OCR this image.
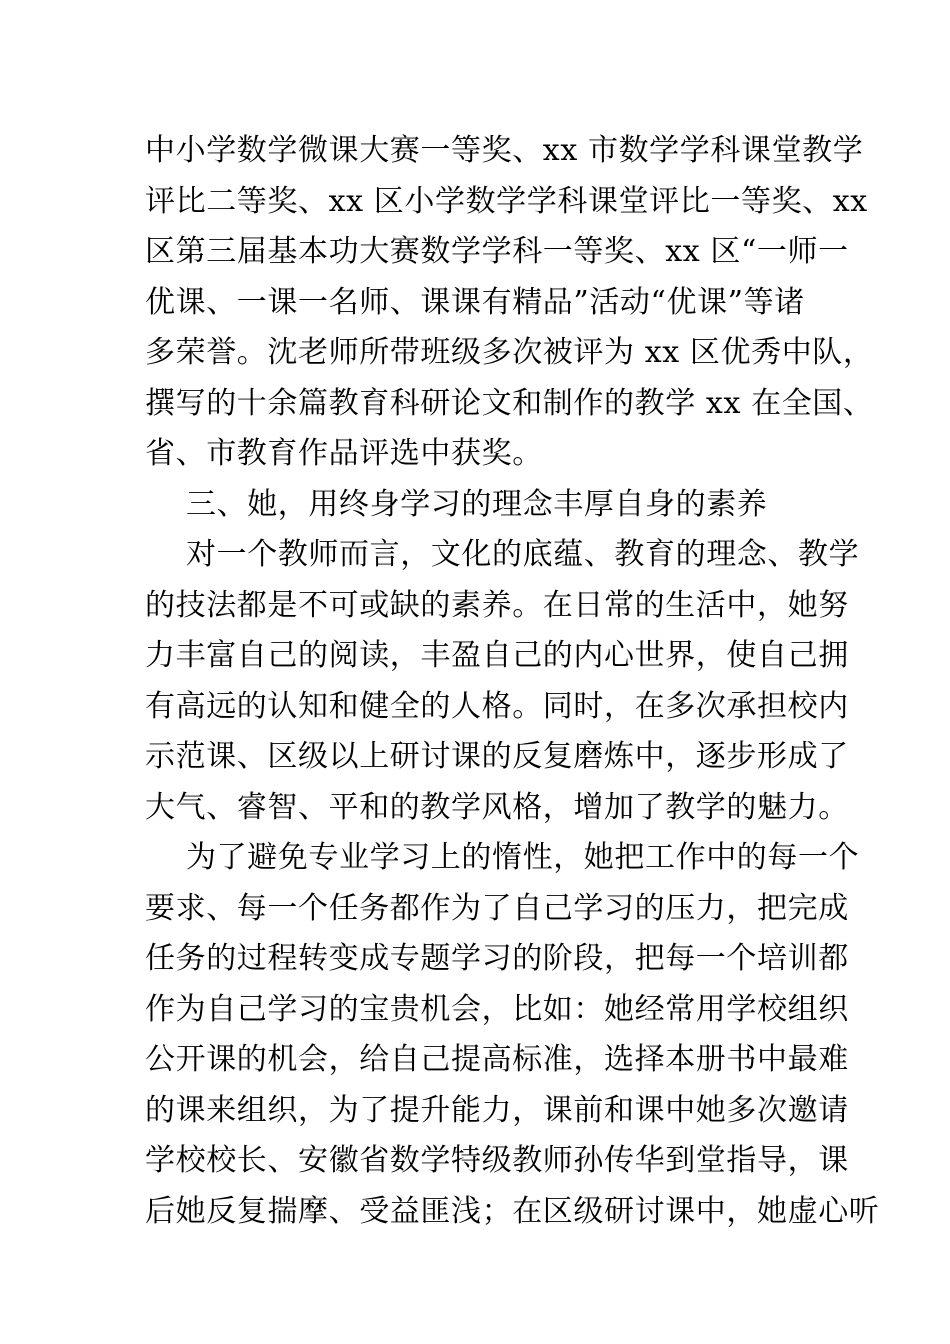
中小学数学微课大赛一等奖、xx 市数学学科课堂教学
评比二等奖、xx 区小学数学学科课堂评比一等奖、xx
区第三届基本功大赛数学学科一等奖、xx 区“一师一
优课、一课一名师、课课有精品”活动“优课”等诸
多荣誉。沈老师所带班级多次被评为 xx 区优秀中队，
撰写的十余篇教育科研论文和制作的教学 xx 在全国、
省、市教育作品评选中获奖。
三、她，用终身学习的理念丰厚自身的素养
对一个教师而言，文化的底蕴、教育的理念、教学
的技法都是不可或缺的素养。在日常的生活中，她努
力丰富自己的阅读，丰盈自己的内心世界，使自己拥
有高远的认知和健全的人格。同时，在多次承担校内
示范课、区级以上研讨课的反复磨炼中，逐步形成了
大气、睿智、平和的教学风格，增加了教学的魅力。
为了避免专业学习上的惰性，她把工作中的每一个
要求、每一个任务都作为了自己学习的压力，把完成
任务的过程转变成专题学习的阶段，把每一个培训都
作为自己学习的宝贵机会，比如：她经常用学校组织
公开课的机会，给自己提高标准，选择本册书中最难
的课来组织，为了提升能力，课前和课中她多次邀请
学校校长、安徽省数学特级教师孙传华到堂指导，课
后她反复揣摩、受益匪浅；在区级研讨课中，她虚心听
